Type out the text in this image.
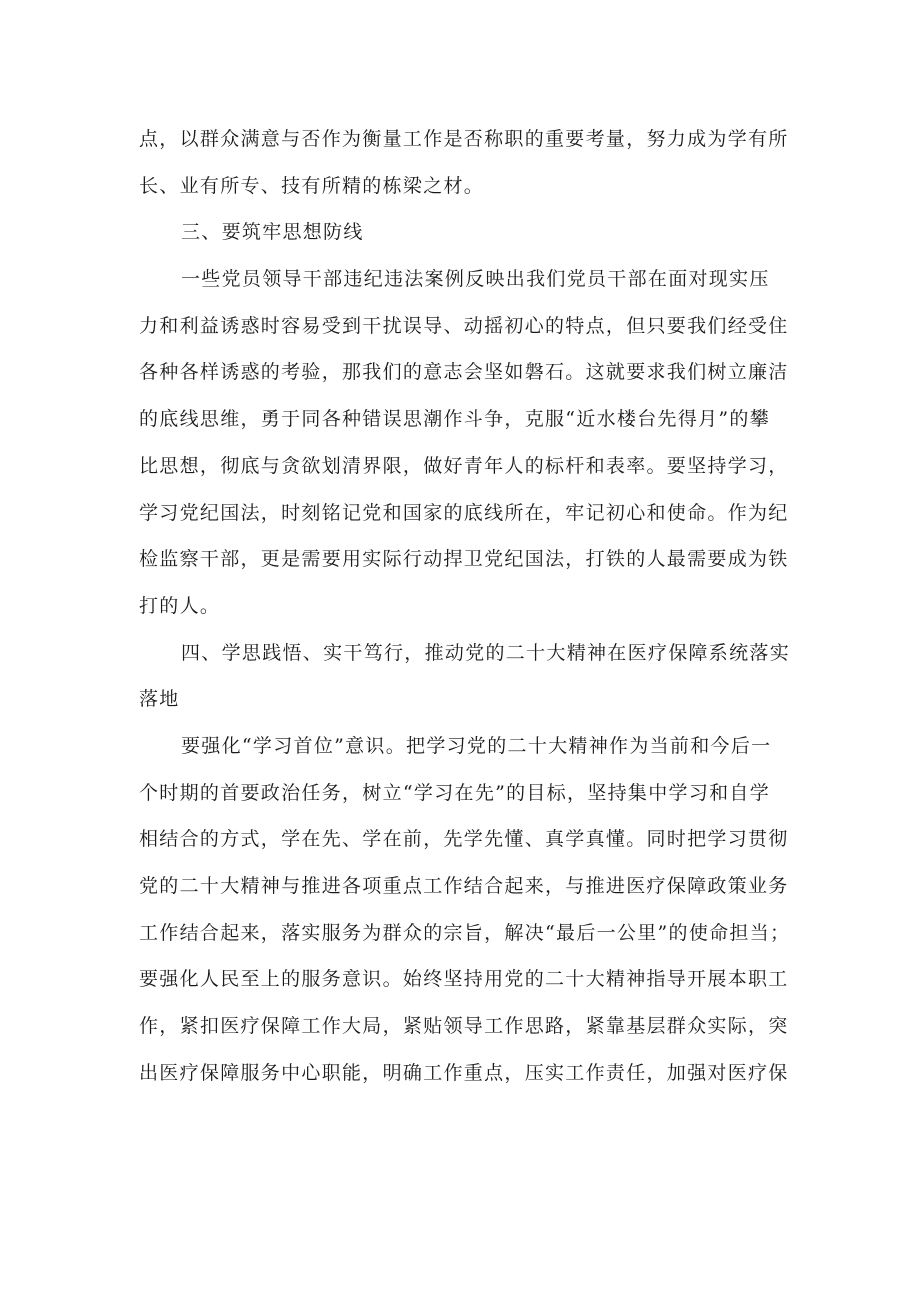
点，以群众满意与否作为衡量工作是否称职的重要考量，努力成为学有所
长、业有所专、技有所精的栋梁之材。
三、要筑牢思想防线
一些党员领导干部违纪违法案例反映出我们党员干部在面对现实压
力和利益诱惑时容易受到干扰误导、动摇初心的特点，但只要我们经受住
各种各样诱惑的考验，那我们的意志会坚如磐石。这就要求我们树立廉洁
的底线思维，勇于同各种错误思潮作斗争，克服“近水楼台先得月”的攀
比思想，彻底与贪欲划清界限，做好青年人的标杆和表率。要坚持学习，
学习党纪国法，时刻铭记党和国家的底线所在，牢记初心和使命。作为纪
检监察干部，更是需要用实际行动捍卫党纪国法，打铁的人最需要成为铁
打的人。
四、学思践悟、实干笃行，推动党的二十大精神在医疗保障系统落实
落地
要强化“学习首位”意识。把学习党的二十大精神作为当前和今后一
个时期的首要政治任务，树立“学习在先”的目标，坚持集中学习和自学
相结合的方式，学在先、学在前，先学先懂、真学真懂。同时把学习贯彻
党的二十大精神与推进各项重点工作结合起来，与推进医疗保障政策业务
工作结合起来，落实服务为群众的宗旨，解决“最后一公里”的使命担当；
要强化人民至上的服务意识。始终坚持用党的二十大精神指导开展本职工
作，紧扣医疗保障工作大局，紧贴领导工作思路，紧靠基层群众实际，突
出医疗保障服务中心职能，明确工作重点，压实工作责任，加强对医疗保
